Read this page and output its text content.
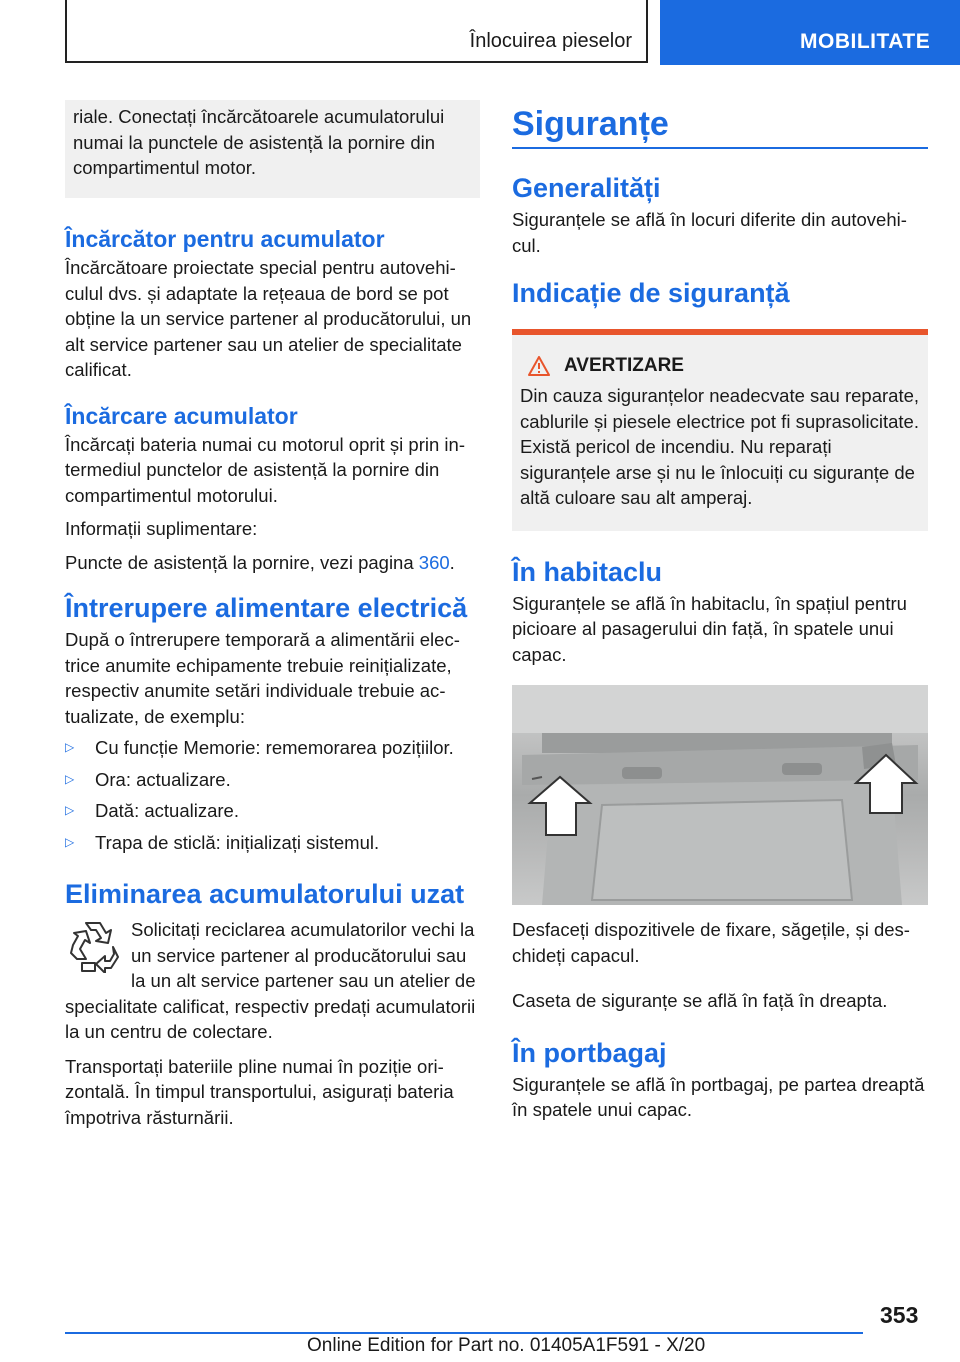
Înlocuirea pieselor	MOBILITATE

riale. Conectați încărcătoarele acumulatorului numai la punctele de asistență la pornire din compartimentul motor.

Încărcător pentru acumulator

Încărcătoare proiectate special pentru autovehiculul dvs. și adaptate la rețeaua de bord se pot obține la un service partener al producătorului, un alt service partener sau un atelier de specialitate calificat.

Încărcare acumulator

Încărcați bateria numai cu motorul oprit și prin intermediul punctelor de asistență la pornire din compartimentul motorului.

Informații suplimentare:

Puncte de asistență la pornire, vezi pagina 360.

Întrerupere alimentare electrică

După o întrerupere temporară a alimentării electrice anumite echipamente trebuie reinițializate, respectiv anumite setări individuale trebuie actualizate, de exemplu:

▷ Cu funcție Memorie: rememorarea pozițiilor.
▷ Ora: actualizare.
▷ Dată: actualizare.
▷ Trapa de sticlă: inițializați sistemul.
Eliminarea acumulatorului uzat

Solicitați reciclarea acumulatorilor vechi la un service partener al producătorului sau la un alt service partener sau un atelier de specialitate calificat, respectiv predați acumulatorii la un centru de colectare.

Transportați bateriile pline numai în poziție orizontală. În timpul transportului, asigurați bateria împotriva răsturnării.

Siguranțe
Generalități

Siguranțele se află în locuri diferite din autovehicul.

Indicație de siguranță
AVERTIZARE

Din cauza siguranțelor neadecvate sau reparate, cablurile și piesele electrice pot fi suprasolicitate. Există pericol de incendiu. Nu reparați siguranțele arse și nu le înlocuiți cu siguranțe de altă culoare sau alt amperaj.

În habitaclu

Siguranțele se află în habitaclu, în spațiul pentru picioare al pasagerului din față, în spatele unui capac.

Desfaceți dispozitivele de fixare, săgețile, și deschideți capacul.

Caseta de siguranțe se află în față în dreapta.

În portbagaj

Siguranțele se află în portbagaj, pe partea dreaptă în spatele unui capac.

353
Online Edition for Part no. 01405A1F591 - X/20
